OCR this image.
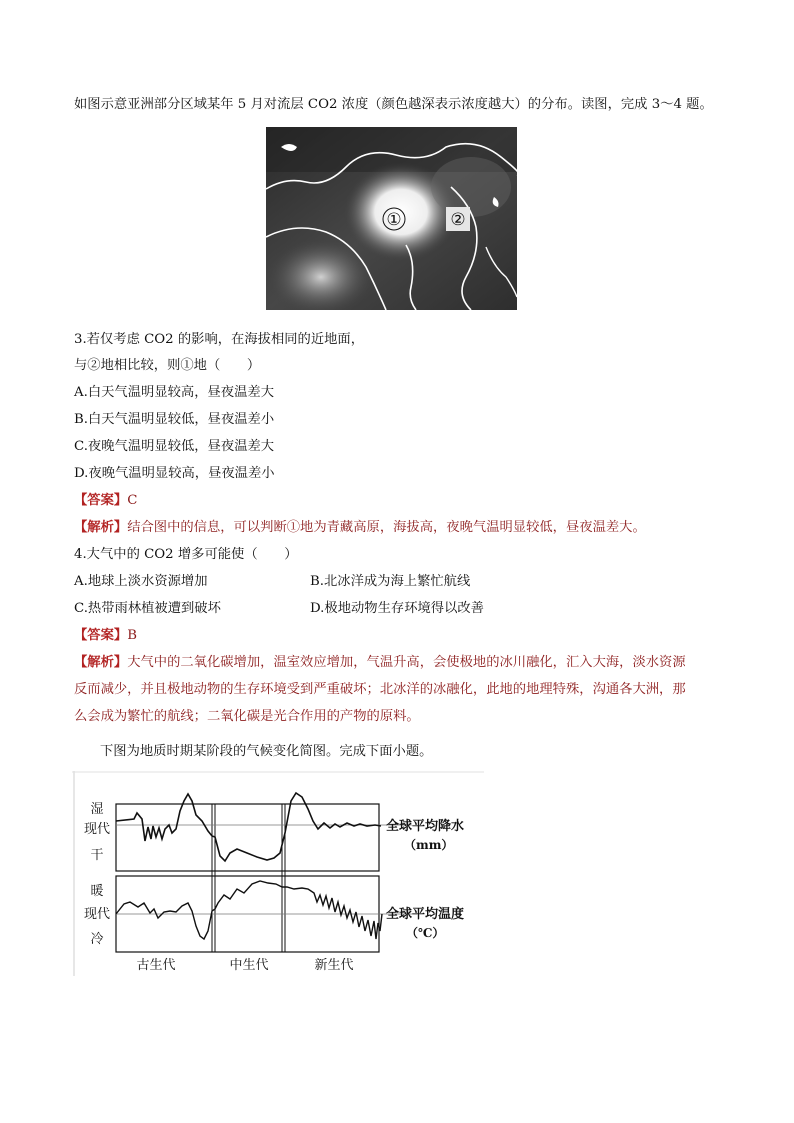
如图示意亚洲部分区域某年 5 月对流层 CO2 浓度（颜色越深表示浓度越大）的分布。读图，完成 3～4 题。
①	②
3.若仅考虑 CO2 的影响，在海拔相同的近地面，
与②地相比较，则①地（　　）
A.白天气温明显较高，昼夜温差大
B.白天气温明显较低，昼夜温差小
C.夜晚气温明显较低，昼夜温差大
D.夜晚气温明显较高，昼夜温差小
【答案】C
【解析】结合图中的信息，可以判断①地为青藏高原，海拔高，夜晚气温明显较低，昼夜温差大。
4.大气中的 CO2 增多可能使（　　）
A.地球上淡水资源增加	B.北冰洋成为海上繁忙航线
C.热带雨林植被遭到破坏	D.极地动物生存环境得以改善
【答案】B
【解析】大气中的二氧化碳增加，温室效应增加，气温升高，会使极地的冰川融化，汇入大海，淡水资源
反而减少，并且极地动物的生存环境受到严重破坏；北冰洋的冰融化，此地的地理特殊，沟通各大洲，那
么会成为繁忙的航线；二氧化碳是光合作用的产物的原料。
下图为地质时期某阶段的气候变化简图。完成下面小题。
湿
现代
干
暖
现代
冷
全球平均降水
（mm）
全球平均温度
（℃）
古生代	中生代	新生代
